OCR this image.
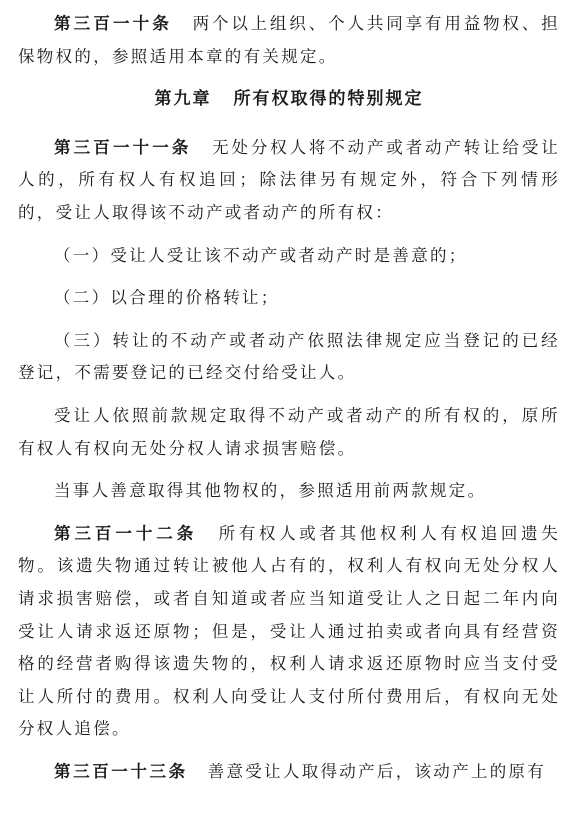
第三百一十条 两个以上组织、个人共同享有用益物权、担保物权的，参照适用本章的有关规定。

第九章 所有权取得的特别规定

第三百一十一条 无处分权人将不动产或者动产转让给受让人的，所有权人有权追回；除法律另有规定外，符合下列情形的，受让人取得该不动产或者动产的所有权：

（一）受让人受让该不动产或者动产时是善意的；

（二）以合理的价格转让；

（三）转让的不动产或者动产依照法律规定应当登记的已经登记，不需要登记的已经交付给受让人。

受让人依照前款规定取得不动产或者动产的所有权的，原所有权人有权向无处分权人请求损害赔偿。

当事人善意取得其他物权的，参照适用前两款规定。

第三百一十二条 所有权人或者其他权利人有权追回遗失物。该遗失物通过转让被他人占有的，权利人有权向无处分权人请求损害赔偿，或者自知道或者应当知道受让人之日起二年内向受让人请求返还原物；但是，受让人通过拍卖或者向具有经营资格的经营者购得该遗失物的，权利人请求返还原物时应当支付受让人所付的费用。权利人向受让人支付所付费用后，有权向无处分权人追偿。

第三百一十三条 善意受让人取得动产后，该动产上的原有
